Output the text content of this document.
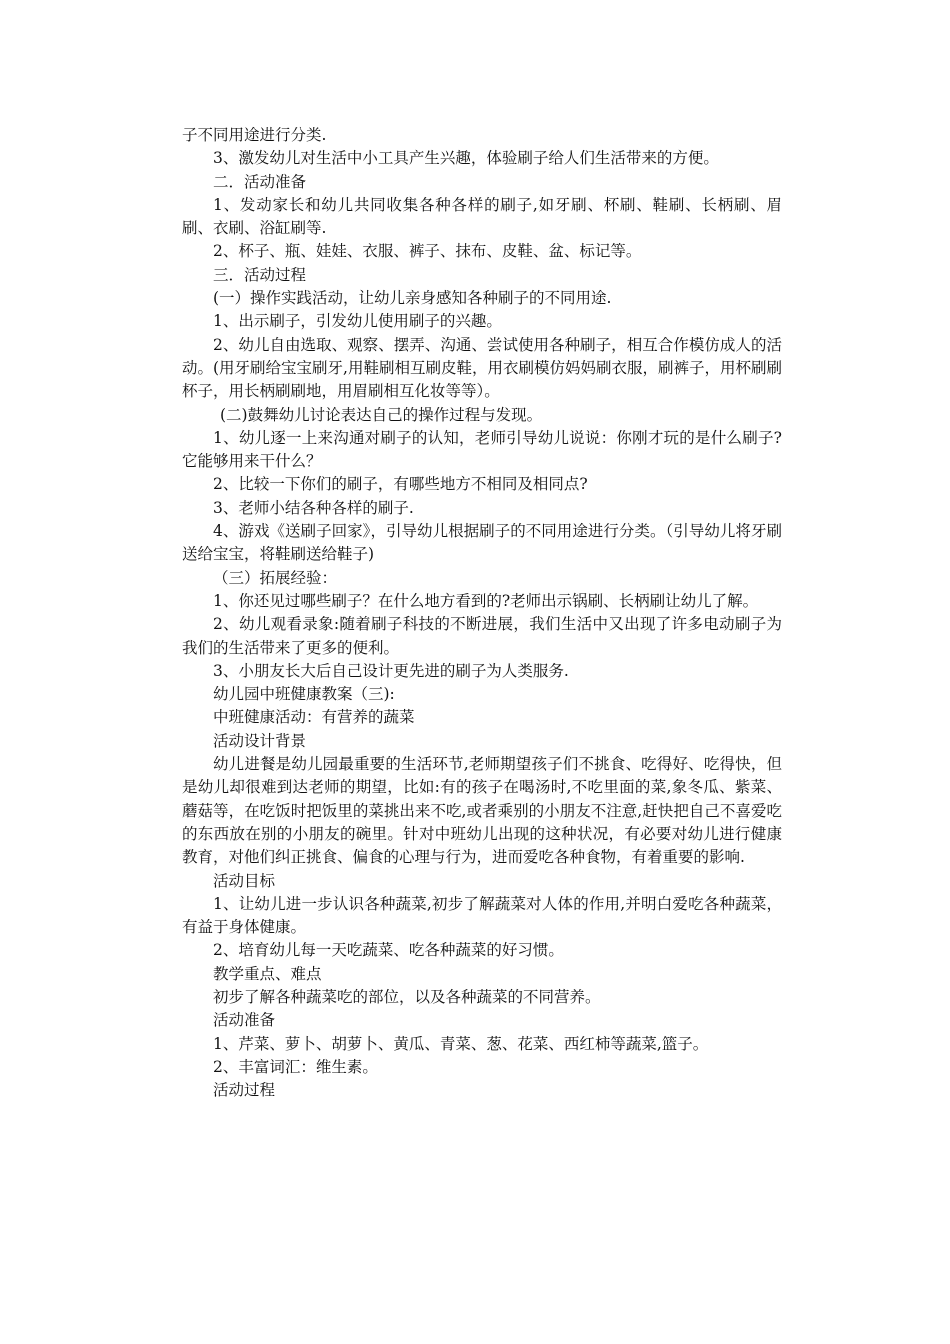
子不同用途进行分类.

3、激发幼儿对生活中小工具产生兴趣，体验刷子给人们生活带来的方便。

二．活动准备

1、发动家长和幼儿共同收集各种各样的刷子,如牙刷、杯刷、鞋刷、长柄刷、眉刷、衣刷、浴缸刷等.

2、杯子、瓶、娃娃、衣服、裤子、抹布、皮鞋、盆、标记等。

三．活动过程

(一）操作实践活动，让幼儿亲身感知各种刷子的不同用途.

1、出示刷子，引发幼儿使用刷子的兴趣。

2、幼儿自由选取、观察、摆弄、沟通、尝试使用各种刷子，相互合作模仿成人的活动。(用牙刷给宝宝刷牙,用鞋刷相互刷皮鞋，用衣刷模仿妈妈刷衣服，刷裤子，用杯刷刷杯子，用长柄刷刷地，用眉刷相互化妆等等）。

(二)鼓舞幼儿讨论表达自己的操作过程与发现。

1、幼儿逐一上来沟通对刷子的认知，老师引导幼儿说说：你刚才玩的是什么刷子?它能够用来干什么？

2、比较一下你们的刷子，有哪些地方不相同及相同点?

3、老师小结各种各样的刷子.

4、游戏《送刷子回家》，引导幼儿根据刷子的不同用途进行分类。（引导幼儿将牙刷送给宝宝，将鞋刷送给鞋子)

（三）拓展经验：

1、你还见过哪些刷子？在什么地方看到的?老师出示锅刷、长柄刷让幼儿了解。

2、幼儿观看录象:随着刷子科技的不断进展，我们生活中又出现了许多电动刷子为我们的生活带来了更多的便利。

3、小朋友长大后自己设计更先进的刷子为人类服务.

幼儿园中班健康教案（三):

中班健康活动：有营养的蔬菜

活动设计背景

幼儿进餐是幼儿园最重要的生活环节,老师期望孩子们不挑食、吃得好、吃得快，但是幼儿却很难到达老师的期望，比如:有的孩子在喝汤时,不吃里面的菜,象冬瓜、紫菜、蘑菇等，在吃饭时把饭里的菜挑出来不吃,或者乘别的小朋友不注意,赶快把自己不喜爱吃的东西放在别的小朋友的碗里。针对中班幼儿出现的这种状况，有必要对幼儿进行健康教育，对他们纠正挑食、偏食的心理与行为，进而爱吃各种食物，有着重要的影响.

活动目标

1、让幼儿进一步认识各种蔬菜,初步了解蔬菜对人体的作用,并明白爱吃各种蔬菜，有益于身体健康。

2、培育幼儿每一天吃蔬菜、吃各种蔬菜的好习惯。

教学重点、难点

初步了解各种蔬菜吃的部位，以及各种蔬菜的不同营养。

活动准备

1、芹菜、萝卜、胡萝卜、黄瓜、青菜、葱、花菜、西红柿等蔬菜,篮子。

2、丰富词汇：维生素。

活动过程
